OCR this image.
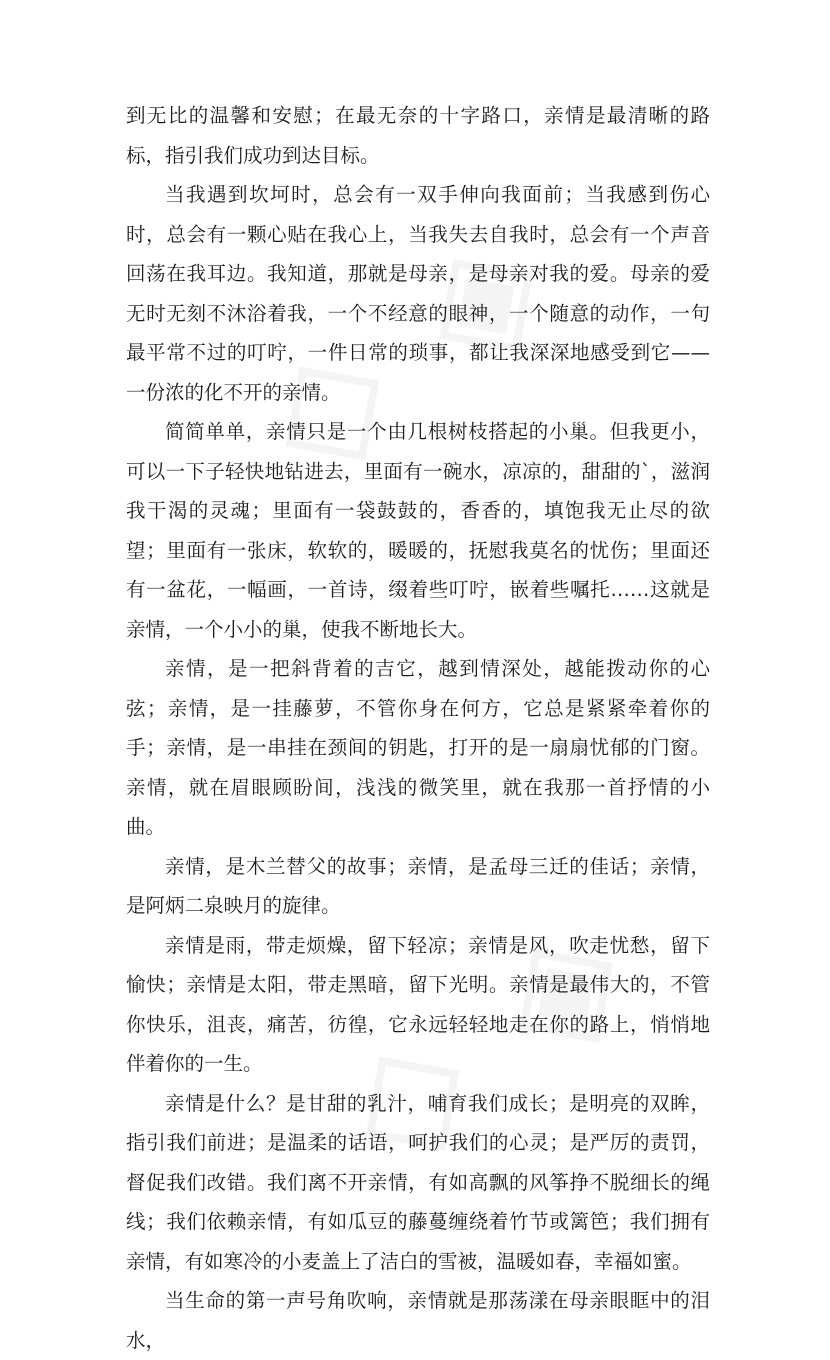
到无比的温馨和安慰；在最无奈的十字路口，亲情是最清晰的路标，指引我们成功到达目标。

当我遇到坎坷时，总会有一双手伸向我面前；当我感到伤心时，总会有一颗心贴在我心上，当我失去自我时，总会有一个声音回荡在我耳边。我知道，那就是母亲，是母亲对我的爱。母亲的爱无时无刻不沐浴着我，一个不经意的眼神，一个随意的动作，一句最平常不过的叮咛，一件日常的琐事，都让我深深地感受到它——一份浓的化不开的亲情。

简简单单，亲情只是一个由几根树枝搭起的小巢。但我更小，可以一下子轻快地钻进去，里面有一碗水，凉凉的，甜甜的`，滋润我干渴的灵魂；里面有一袋鼓鼓的，香香的，填饱我无止尽的欲望；里面有一张床，软软的，暖暖的，抚慰我莫名的忧伤；里面还有一盆花，一幅画，一首诗，缀着些叮咛，嵌着些嘱托……这就是亲情，一个小小的巢，使我不断地长大。

亲情，是一把斜背着的吉它，越到情深处，越能拨动你的心弦；亲情，是一挂藤萝，不管你身在何方，它总是紧紧牵着你的手；亲情，是一串挂在颈间的钥匙，打开的是一扇扇忧郁的门窗。亲情，就在眉眼顾盼间，浅浅的微笑里，就在我那一首抒情的小曲。

亲情，是木兰替父的故事；亲情，是孟母三迁的佳话；亲情，是阿炳二泉映月的旋律。

亲情是雨，带走烦燥，留下轻凉；亲情是风，吹走忧愁，留下愉快；亲情是太阳，带走黑暗，留下光明。亲情是最伟大的，不管你快乐，沮丧，痛苦，彷徨，它永远轻轻地走在你的路上，悄悄地伴着你的一生。

亲情是什么？是甘甜的乳汁，哺育我们成长；是明亮的双眸，指引我们前进；是温柔的话语，呵护我们的心灵；是严厉的责罚，督促我们改错。我们离不开亲情，有如高飘的风筝挣不脱细长的绳线；我们依赖亲情，有如瓜豆的藤蔓缠绕着竹节或篱笆；我们拥有亲情，有如寒冷的小麦盖上了洁白的雪被，温暖如春，幸福如蜜。

当生命的第一声号角吹响，亲情就是那荡漾在母亲眼眶中的泪水，
